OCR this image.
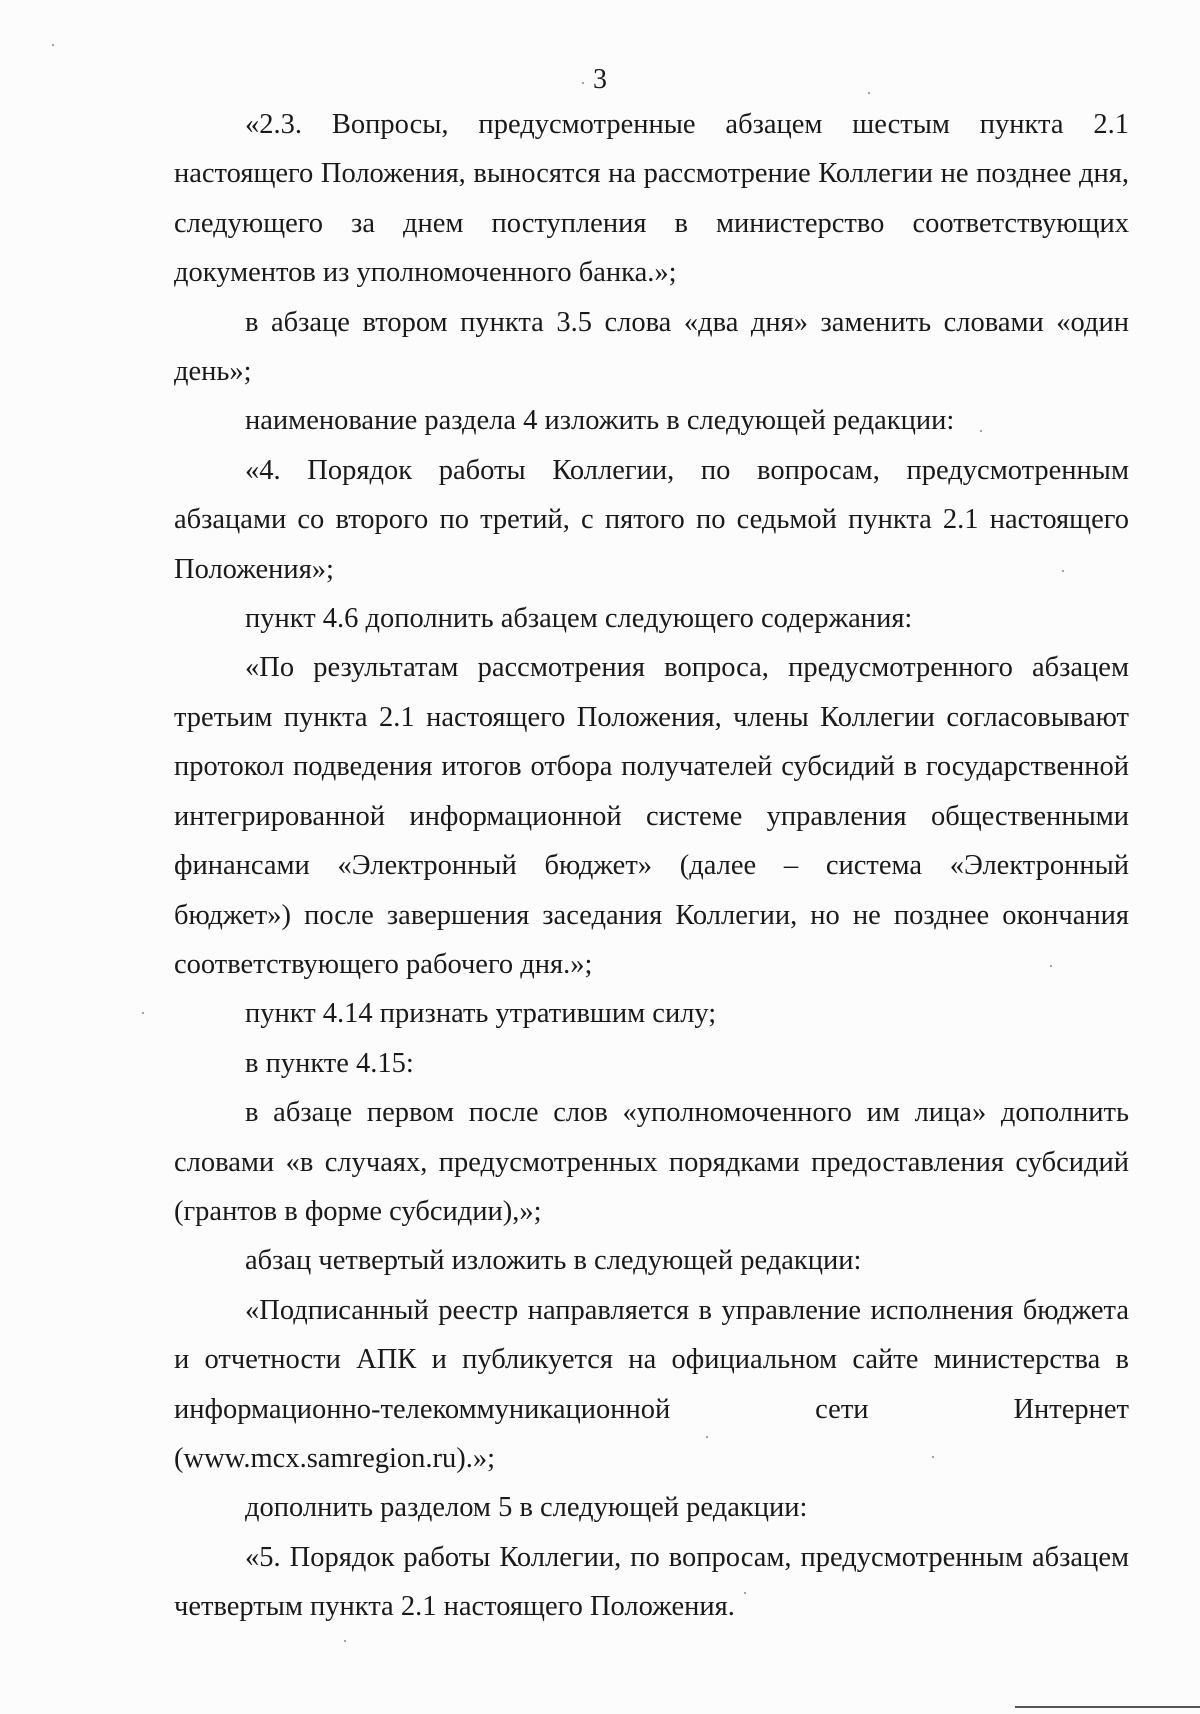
3

«2.3. Вопросы, предусмотренные абзацем шестым пункта 2.1 настоящего Положения, выносятся на рассмотрение Коллегии не позднее дня, следующего за днем поступления в министерство соответствующих документов из уполномоченного банка.»;

в абзаце втором пункта 3.5 слова «два дня» заменить словами «один день»;

наименование раздела 4 изложить в следующей редакции:

«4. Порядок работы Коллегии, по вопросам, предусмотренным абзацами со второго по третий, с пятого по седьмой пункта 2.1 настоящего Положения»;

пункт 4.6 дополнить абзацем следующего содержания:

«По результатам рассмотрения вопроса, предусмотренного абзацем третьим пункта 2.1 настоящего Положения, члены Коллегии согласовывают протокол подведения итогов отбора получателей субсидий в государственной интегрированной информационной системе управления общественными финансами «Электронный бюджет» (далее – система «Электронный бюджет») после завершения заседания Коллегии, но не позднее окончания соответствующего рабочего дня.»;

пункт 4.14 признать утратившим силу;

в пункте 4.15:

в абзаце первом после слов «уполномоченного им лица» дополнить словами «в случаях, предусмотренных порядками предоставления субсидий (грантов в форме субсидии),»;

абзац четвертый изложить в следующей редакции:

«Подписанный реестр направляется в управление исполнения бюджета и отчетности АПК и публикуется на официальном сайте министерства в информационно-телекоммуникационной сети Интернет (www.mcx.samregion.ru).»;

дополнить разделом 5 в следующей редакции:

«5. Порядок работы Коллегии, по вопросам, предусмотренным абзацем четвертым пункта 2.1 настоящего Положения.
